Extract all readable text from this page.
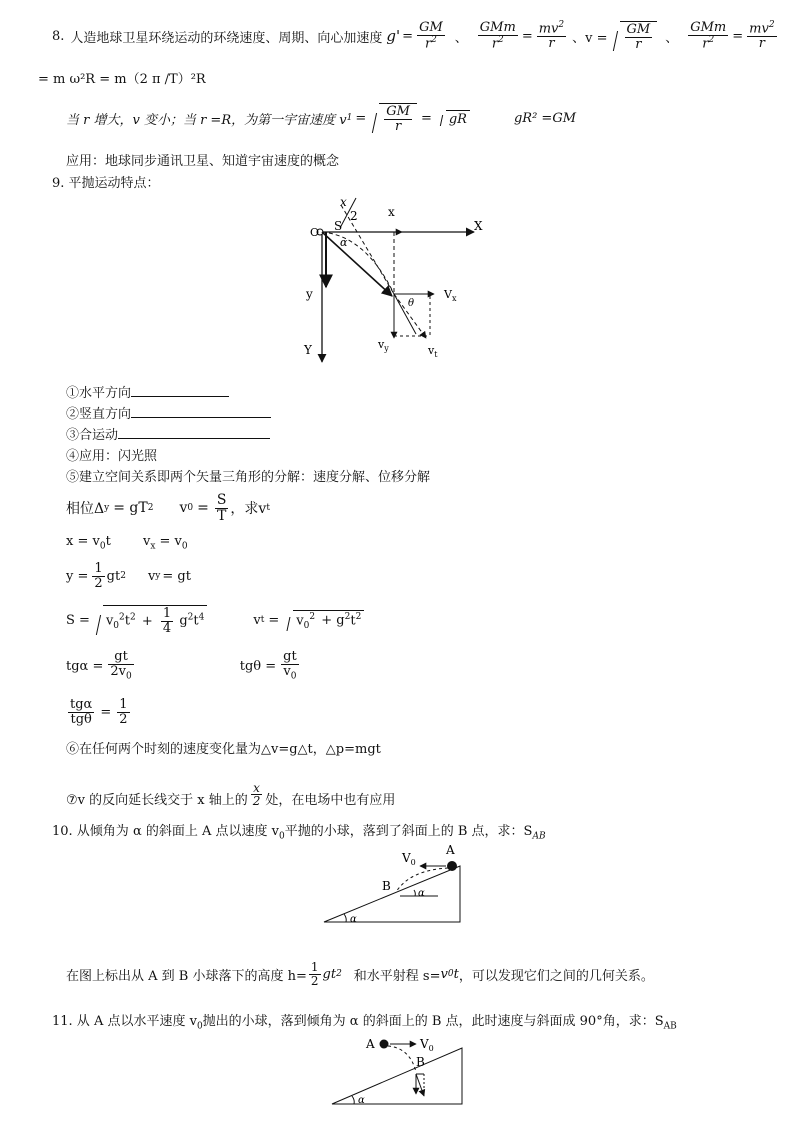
8. 人造地球卫星环绕运动的环绕速度、周期、向心加速度 $g' = \frac{GM}{r^2}$ 、 $\frac{\text{GMm}}{r^2} = \frac{mv^2}{r}$ 、$v = \frac{GM}{r}$ 、 $\frac{\text{GMm}}{r^2} = \frac{mv^2}{r}$
= m ω²R = m（2 π /T）²R
当 r 增大，v 变小；当 r =R，为第一宇宙速度 v $1 = \frac{GM}{r}$ =	gR	gR² =GM
应用：地球同步通讯卫星、知道宇宙速度的概念
9. 平抛运动特点：
O
x
2
S
α
x
X
y
Y
θ
$V_x$
$v_y$	$v_t$
①水平方向
②竖直方向
③合运动
④应用：闪光照
⑤建立空间关系即两个矢量三角形的分解：速度分解、位移分解
相位Δ y = gT 2 v $0 = \frac{S}{T}$ ，求v t
$x = v_0t$ $v_x = v_0$
$y = \frac{1}{2}$ gt 2 v y = gt
S =	$v_0^2t^2 + \frac{1}{4} g^2t^4$	v t =	$v_0^2 + g^2t^2$
$tg\alpha = \frac{gt}{2v_0}$	$tg\theta = \frac{gt}{v_0}$
$\frac{\text{tgα}}{\text{tgθ}} = \frac{1}{2}$
⑥在任何两个时刻的速度变化量为△v=g△t，△p=mgt
⑦v 的反向延长线交于 x 轴上的 $\frac{x}{2}$ 处，在电场中也有应用
10. 从倾角为 α 的斜面上 A 点以速度 $v_0$平抛的小球，落到了斜面上的 B 点，求：$S_{AB}$
$V_0$
A
B
α
α
在图上标出从 A 到 B 小球落下的高度 $h= \frac{1}{2}$ gt 2 和水平射程 s= v 0 t ，可以发现它们之间的几何关系。
11. 从 A 点以水平速度 $v_0$抛出的小球，落到倾角为 α 的斜面上的 B 点，此时速度与斜面成 90°角，求：$S_{AB}$
A	$V_0$
B
α
